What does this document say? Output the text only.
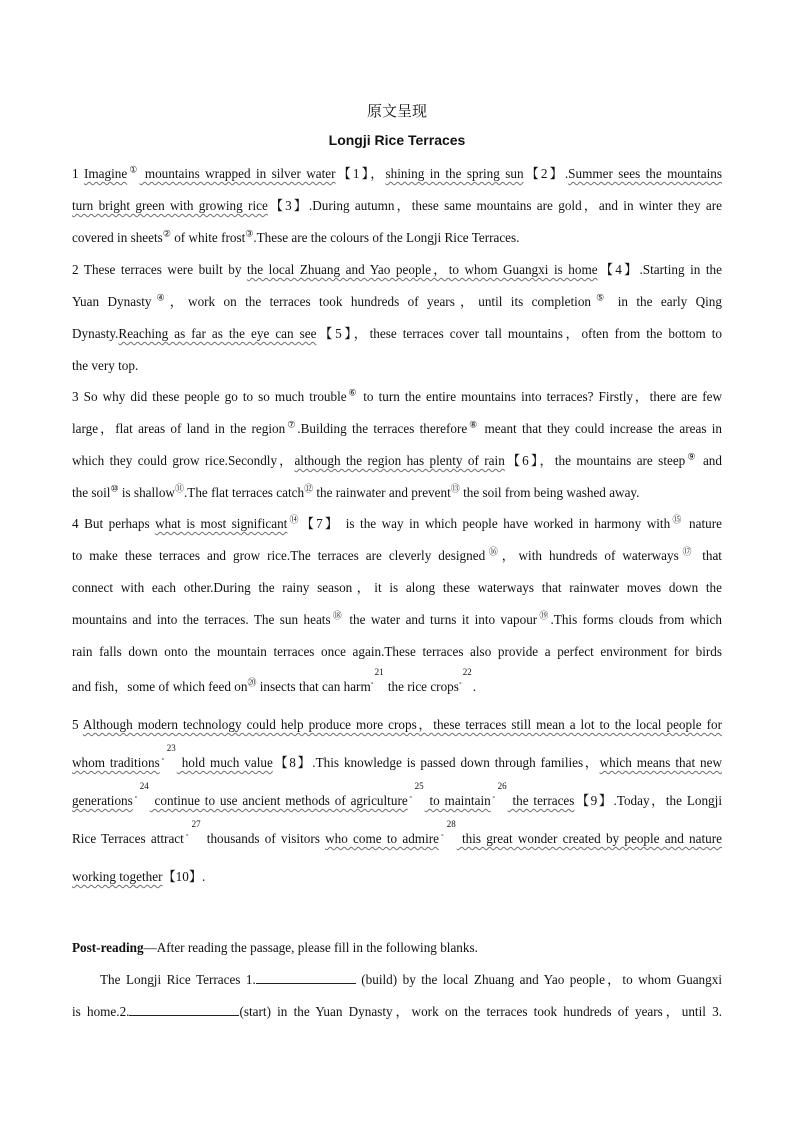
原文呈现
Longji Rice Terraces
1 Imagine① mountains wrapped in silver water【1】，shining in the spring sun【2】.Summer sees the mountains
turn bright green with growing rice【3】.During autumn，these same mountains are gold，and in winter they are
covered in sheets② of white frost③.These are the colours of the Longji Rice Terraces.
2 These terraces were built by the local Zhuang and Yao people，to whom Guangxi is home【4】.Starting in the
Yuan Dynasty④，work on the terraces took hundreds of years，until its completion⑤ in the early Qing
Dynasty.Reaching as far as the eye can see【5】，these terraces cover tall mountains，often from the bottom to
the very top.
3 So why did these people go to so much trouble⑥ to turn the entire mountains into terraces? Firstly，there are few
large，flat areas of land in the region⑦.Building the terraces therefore⑧ meant that they could increase the areas in
which they could grow rice.Secondly，although the region has plenty of rain【6】，the mountains are steep⑨ and
the soil⑩ is shallow⑪.The flat terraces catch⑫ the rainwater and prevent⑬ the soil from being washed away.
4 But perhaps what is most significant⑭【7】 is the way in which people have worked in harmony with⑮ nature
to make these terraces and grow rice.The terraces are cleverly designed⑯，with hundreds of waterways⑰ that
connect with each other.During the rainy season，it is along these waterways that rainwater moves down the
mountains and into the terraces. The sun heats⑱ the water and turns it into vapour⑲.This forms clouds from which
rain falls down onto the mountain terraces once again.These terraces also provide a perfect environment for birds
and fish，some of which feed on⑳ insects that can harm$^{◦21}$ the rice crops$^{◦22}$.
5 Although modern technology could help produce more crops，these terraces still mean a lot to the local people for
whom traditions$^{◦23}$ hold much value【8】.This knowledge is passed down through families，which means that new
generations$^{◦24}$ continue to use ancient methods of agriculture$^{◦25}$ to maintain$^{◦26}$ the terraces【9】.Today，the Longji
Rice Terraces attract$^{◦27}$ thousands of visitors who come to admire$^{◦28}$ this great wonder created by people and nature
working together【10】.
Post-reading—After reading the passage, please fill in the following blanks.
The Longji Rice Terraces 1.	(build) by the local Zhuang and Yao people，to whom Guangxi
is home.2.	(start) in the Yuan Dynasty，work on the terraces took hundreds of years，until 3.
